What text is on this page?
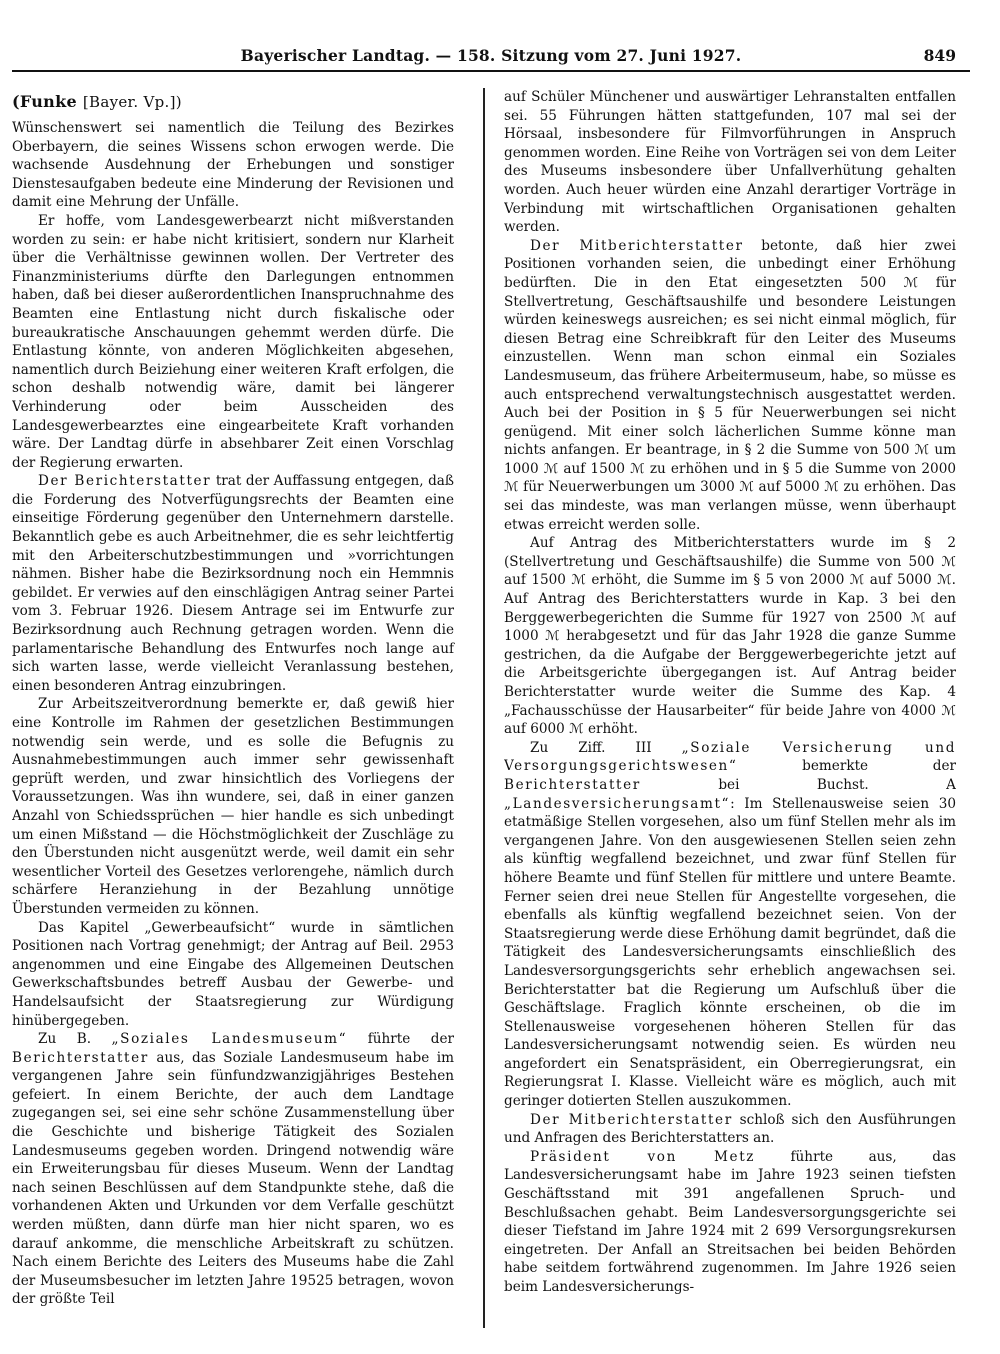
Bayerischer Landtag. — 158. Sitzung vom 27. Juni 1927.	849
(Funke [Bayer. Vp.])

Wünschenswert sei namentlich die Teilung des Bezirkes Oberbayern, die seines Wissens schon erwogen werde. Die wachsende Ausdehnung der Erhebungen und sonstiger Dienstesaufgaben bedeute eine Minderung der Revisionen und damit eine Mehrung der Unfälle.

Er hoffe, vom Landesgewerbearzt nicht mißverstanden worden zu sein: er habe nicht kritisiert, sondern nur Klarheit über die Verhältnisse gewinnen wollen. Der Vertreter des Finanzministeriums dürfte den Darlegungen entnommen haben, daß bei dieser außerordentlichen Inanspruchnahme des Beamten eine Entlastung nicht durch fiskalische oder bureaukratische Anschauungen gehemmt werden dürfe. Die Entlastung könnte, von anderen Möglichkeiten abgesehen, namentlich durch Beiziehung einer weiteren Kraft erfolgen, die schon deshalb notwendig wäre, damit bei längerer Verhinderung oder beim Ausscheiden des Landesgewerbearztes eine eingearbeitete Kraft vorhanden wäre. Der Landtag dürfe in absehbarer Zeit einen Vorschlag der Regierung erwarten.

Der Berichterstatter trat der Auffassung entgegen, daß die Forderung des Notverfügungsrechts der Beamten eine einseitige Förderung gegenüber den Unternehmern darstelle. Bekanntlich gebe es auch Arbeitnehmer, die es sehr leichtfertig mit den Arbeiterschutzbestimmungen und »vorrichtungen nähmen. Bisher habe die Bezirksordnung noch ein Hemmnis gebildet. Er verwies auf den einschlägigen Antrag seiner Partei vom 3. Februar 1926. Diesem Antrage sei im Entwurfe zur Bezirksordnung auch Rechnung getragen worden. Wenn die parlamentarische Behandlung des Entwurfes noch lange auf sich warten lasse, werde vielleicht Veranlassung bestehen, einen besonderen Antrag einzubringen.

Zur Arbeitszeitverordnung bemerkte er, daß gewiß hier eine Kontrolle im Rahmen der gesetzlichen Bestimmungen notwendig sein werde, und es solle die Befugnis zu Ausnahmebestimmungen auch immer sehr gewissenhaft geprüft werden, und zwar hinsichtlich des Vorliegens der Voraussetzungen. Was ihn wundere, sei, daß in einer ganzen Anzahl von Schiedssprüchen — hier handle es sich unbedingt um einen Mißstand — die Höchstmöglichkeit der Zuschläge zu den Überstunden nicht ausgenützt werde, weil damit ein sehr wesentlicher Vorteil des Gesetzes verlorengehe, nämlich durch schärfere Heranziehung in der Bezahlung unnötige Überstunden vermeiden zu können.

Das Kapitel „Gewerbeaufsicht“ wurde in sämtlichen Positionen nach Vortrag genehmigt; der Antrag auf Beil. 2953 angenommen und eine Eingabe des Allgemeinen Deutschen Gewerkschaftsbundes betreff Ausbau der Gewerbe- und Handelsaufsicht der Staatsregierung zur Würdigung hinübergegeben.

Zu B. „Soziales Landesmuseum“ führte der Berichterstatter aus, das Soziale Landesmuseum habe im vergangenen Jahre sein fünfundzwanzigjähriges Bestehen gefeiert. In einem Berichte, der auch dem Landtage zugegangen sei, sei eine sehr schöne Zusammenstellung über die Geschichte und bisherige Tätigkeit des Sozialen Landesmuseums gegeben worden. Dringend notwendig wäre ein Erweiterungsbau für dieses Museum. Wenn der Landtag nach seinen Beschlüssen auf dem Standpunkte stehe, daß die vorhandenen Akten und Urkunden vor dem Verfalle geschützt werden müßten, dann dürfe man hier nicht sparen, wo es darauf ankomme, die menschliche Arbeitskraft zu schützen. Nach einem Berichte des Leiters des Museums habe die Zahl der Museumsbesucher im letzten Jahre 19525 betragen, wovon der größte Teil

auf Schüler Münchener und auswärtiger Lehranstalten entfallen sei. 55 Führungen hätten stattgefunden, 107 mal sei der Hörsaal, insbesondere für Filmvorführungen in Anspruch genommen worden. Eine Reihe von Vorträgen sei von dem Leiter des Museums insbesondere über Unfallverhütung gehalten worden. Auch heuer würden eine Anzahl derartiger Vorträge in Verbindung mit wirtschaftlichen Organisationen gehalten werden.

Der Mitberichterstatter betonte, daß hier zwei Positionen vorhanden seien, die unbedingt einer Erhöhung bedürften. Die in den Etat eingesetzten 500 ℳ für Stellvertretung, Geschäftsaushilfe und besondere Leistungen würden keineswegs ausreichen; es sei nicht einmal möglich, für diesen Betrag eine Schreibkraft für den Leiter des Museums einzustellen. Wenn man schon einmal ein Soziales Landesmuseum, das frühere Arbeitermuseum, habe, so müsse es auch entsprechend verwaltungstechnisch ausgestattet werden. Auch bei der Position in § 5 für Neuerwerbungen sei nicht genügend. Mit einer solch lächerlichen Summe könne man nichts anfangen. Er beantrage, in § 2 die Summe von 500 ℳ um 1000 ℳ auf 1500 ℳ zu erhöhen und in § 5 die Summe von 2000 ℳ für Neuerwerbungen um 3000 ℳ auf 5000 ℳ zu erhöhen. Das sei das mindeste, was man verlangen müsse, wenn überhaupt etwas erreicht werden solle.

Auf Antrag des Mitberichterstatters wurde im § 2 (Stellvertretung und Geschäftsaushilfe) die Summe von 500 ℳ auf 1500 ℳ erhöht, die Summe im § 5 von 2000 ℳ auf 5000 ℳ. Auf Antrag des Berichterstatters wurde in Kap. 3 bei den Berggewerbegerichten die Summe für 1927 von 2500 ℳ auf 1000 ℳ herabgesetzt und für das Jahr 1928 die ganze Summe gestrichen, da die Aufgabe der Berggewerbegerichte jetzt auf die Arbeitsgerichte übergegangen ist. Auf Antrag beider Berichterstatter wurde weiter die Summe des Kap. 4 „Fachausschüsse der Hausarbeiter“ für beide Jahre von 4000 ℳ auf 6000 ℳ erhöht.

Zu Ziff. III „Soziale Versicherung und Versorgungsgerichtswesen“ bemerkte der Berichterstatter bei Buchst. A „Landesversicherungsamt“: Im Stellenausweise seien 30 etatmäßige Stellen vorgesehen, also um fünf Stellen mehr als im vergangenen Jahre. Von den ausgewiesenen Stellen seien zehn als künftig wegfallend bezeichnet, und zwar fünf Stellen für höhere Beamte und fünf Stellen für mittlere und untere Beamte. Ferner seien drei neue Stellen für Angestellte vorgesehen, die ebenfalls als künftig wegfallend bezeichnet seien. Von der Staatsregierung werde diese Erhöhung damit begründet, daß die Tätigkeit des Landesversicherungsamts einschließlich des Landesversorgungsgerichts sehr erheblich angewachsen sei. Berichterstatter bat die Regierung um Aufschluß über die Geschäftslage. Fraglich könnte erscheinen, ob die im Stellenausweise vorgesehenen höheren Stellen für das Landesversicherungsamt notwendig seien. Es würden neu angefordert ein Senatspräsident, ein Oberregierungsrat, ein Regierungsrat I. Klasse. Vielleicht wäre es möglich, auch mit geringer dotierten Stellen auszukommen.

Der Mitberichterstatter schloß sich den Ausführungen und Anfragen des Berichterstatters an.

Präsident von Metz führte aus, das Landesversicherungsamt habe im Jahre 1923 seinen tiefsten Geschäftsstand mit 391 angefallenen Spruch- und Beschlußsachen gehabt. Beim Landesversorgungsgerichte sei dieser Tiefstand im Jahre 1924 mit 2 699 Versorgungsrekursen eingetreten. Der Anfall an Streitsachen bei beiden Behörden habe seitdem fortwährend zugenommen. Im Jahre 1926 seien beim Landesversicherungs-
